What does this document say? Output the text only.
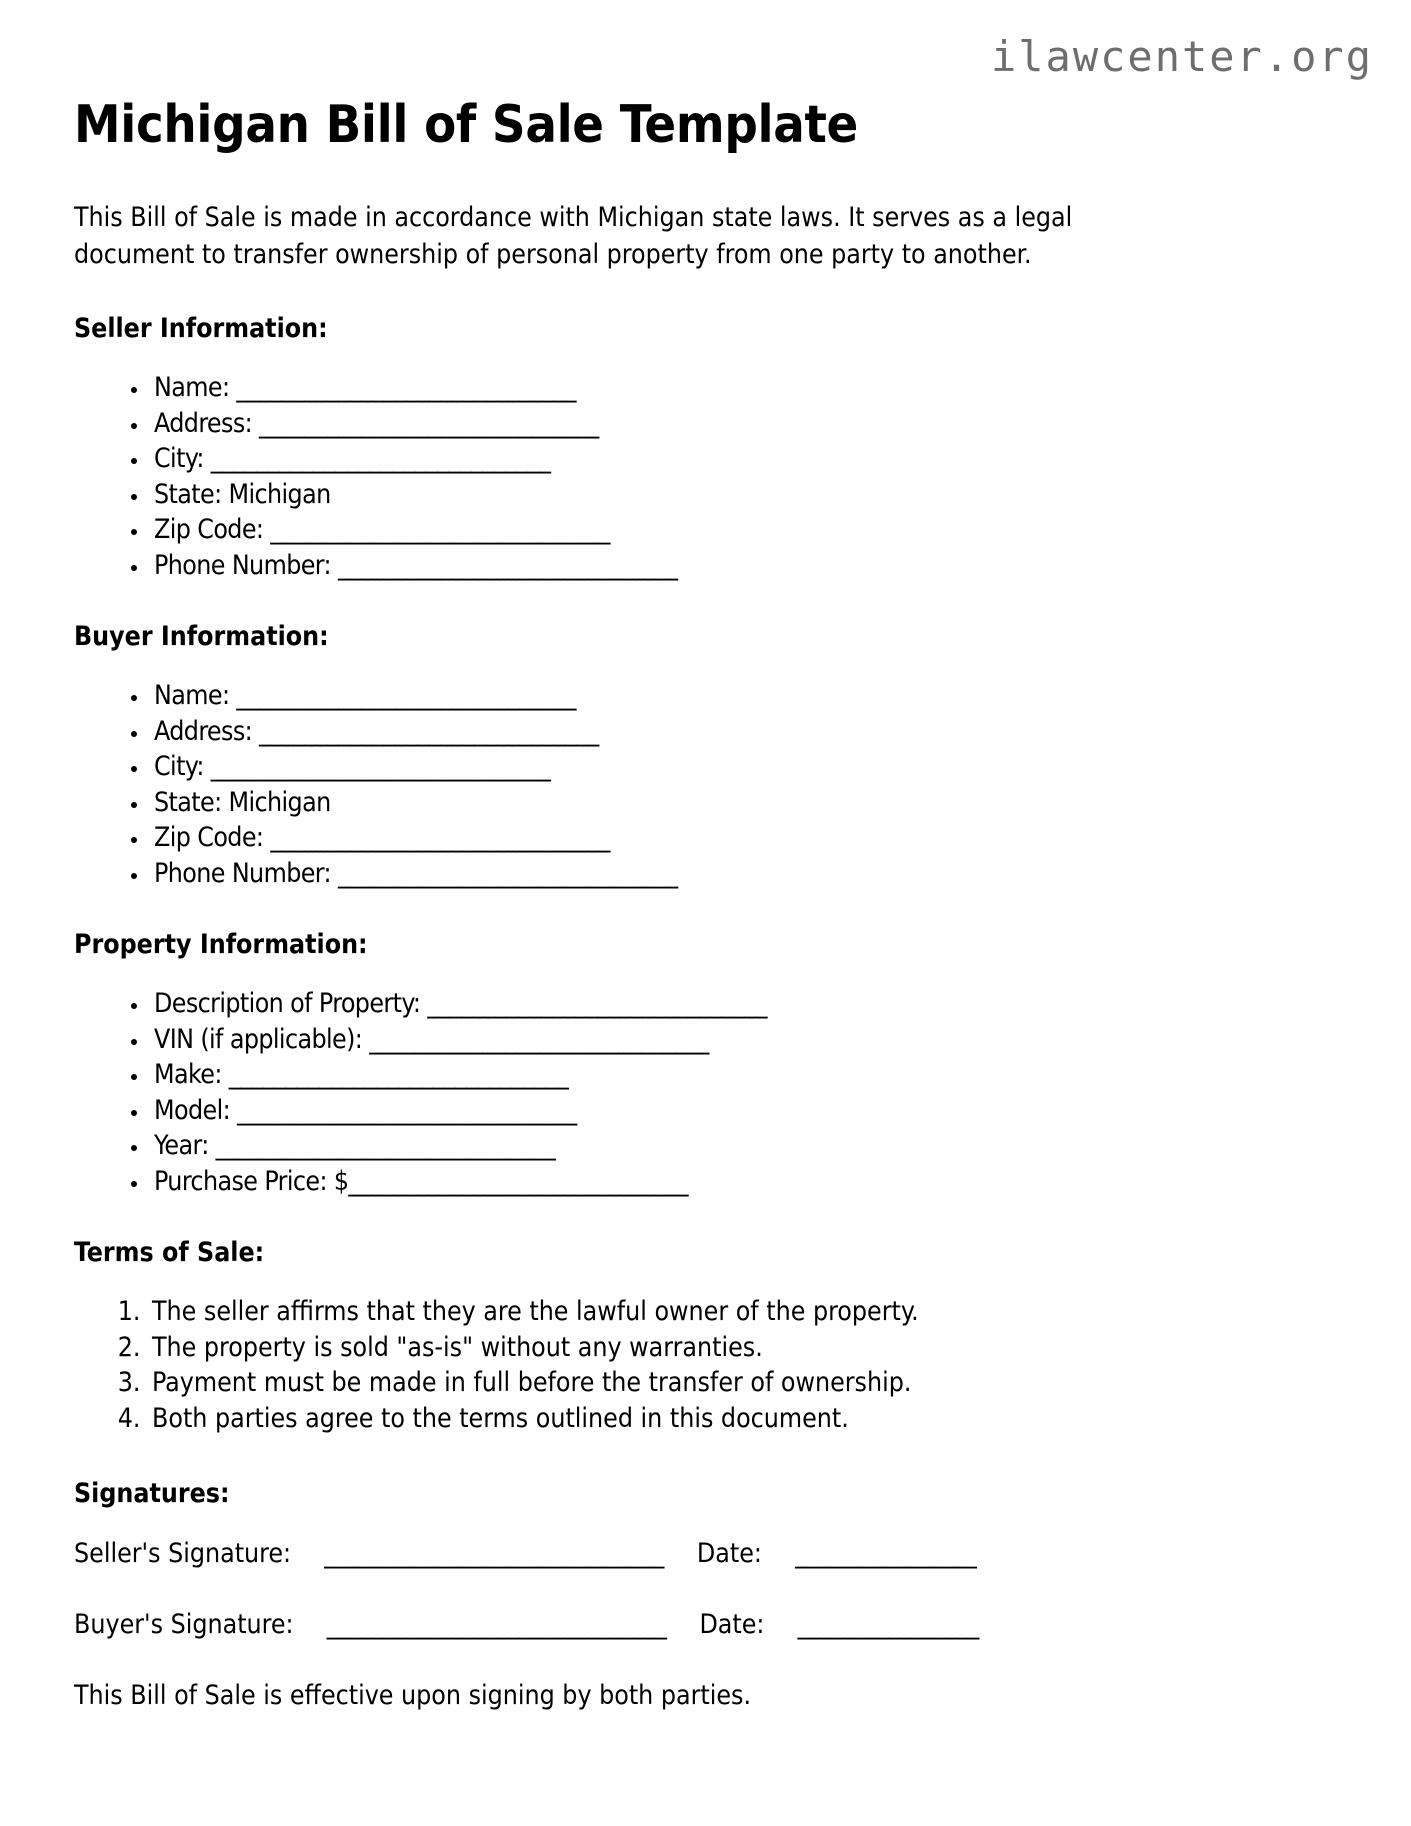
ilawcenter.org
Michigan Bill of Sale Template

This Bill of Sale is made in accordance with Michigan state laws. It serves as a legal document to transfer ownership of personal property from one party to another.

Seller Information:
• Name: ______________________________
• Address: ______________________________
• City: ______________________________
• State: Michigan
• Zip Code: ______________________________
• Phone Number: ______________________________
Buyer Information:
• Name: ______________________________
• Address: ______________________________
• City: ______________________________
• State: Michigan
• Zip Code: ______________________________
• Phone Number: ______________________________
Property Information:
• Description of Property: ______________________________
• VIN (if applicable): ______________________________
• Make: ______________________________
• Model: ______________________________
• Year: ______________________________
• Purchase Price: $______________________________
Terms of Sale:
1. The seller affirms that they are the lawful owner of the property.
2. The property is sold "as-is" without any warranties.
3. Payment must be made in full before the transfer of ownership.
4. Both parties agree to the terms outlined in this document.
Signatures:
Seller's Signature: ______________________________ Date: ________________
Buyer's Signature: ______________________________ Date: ________________

This Bill of Sale is effective upon signing by both parties.
